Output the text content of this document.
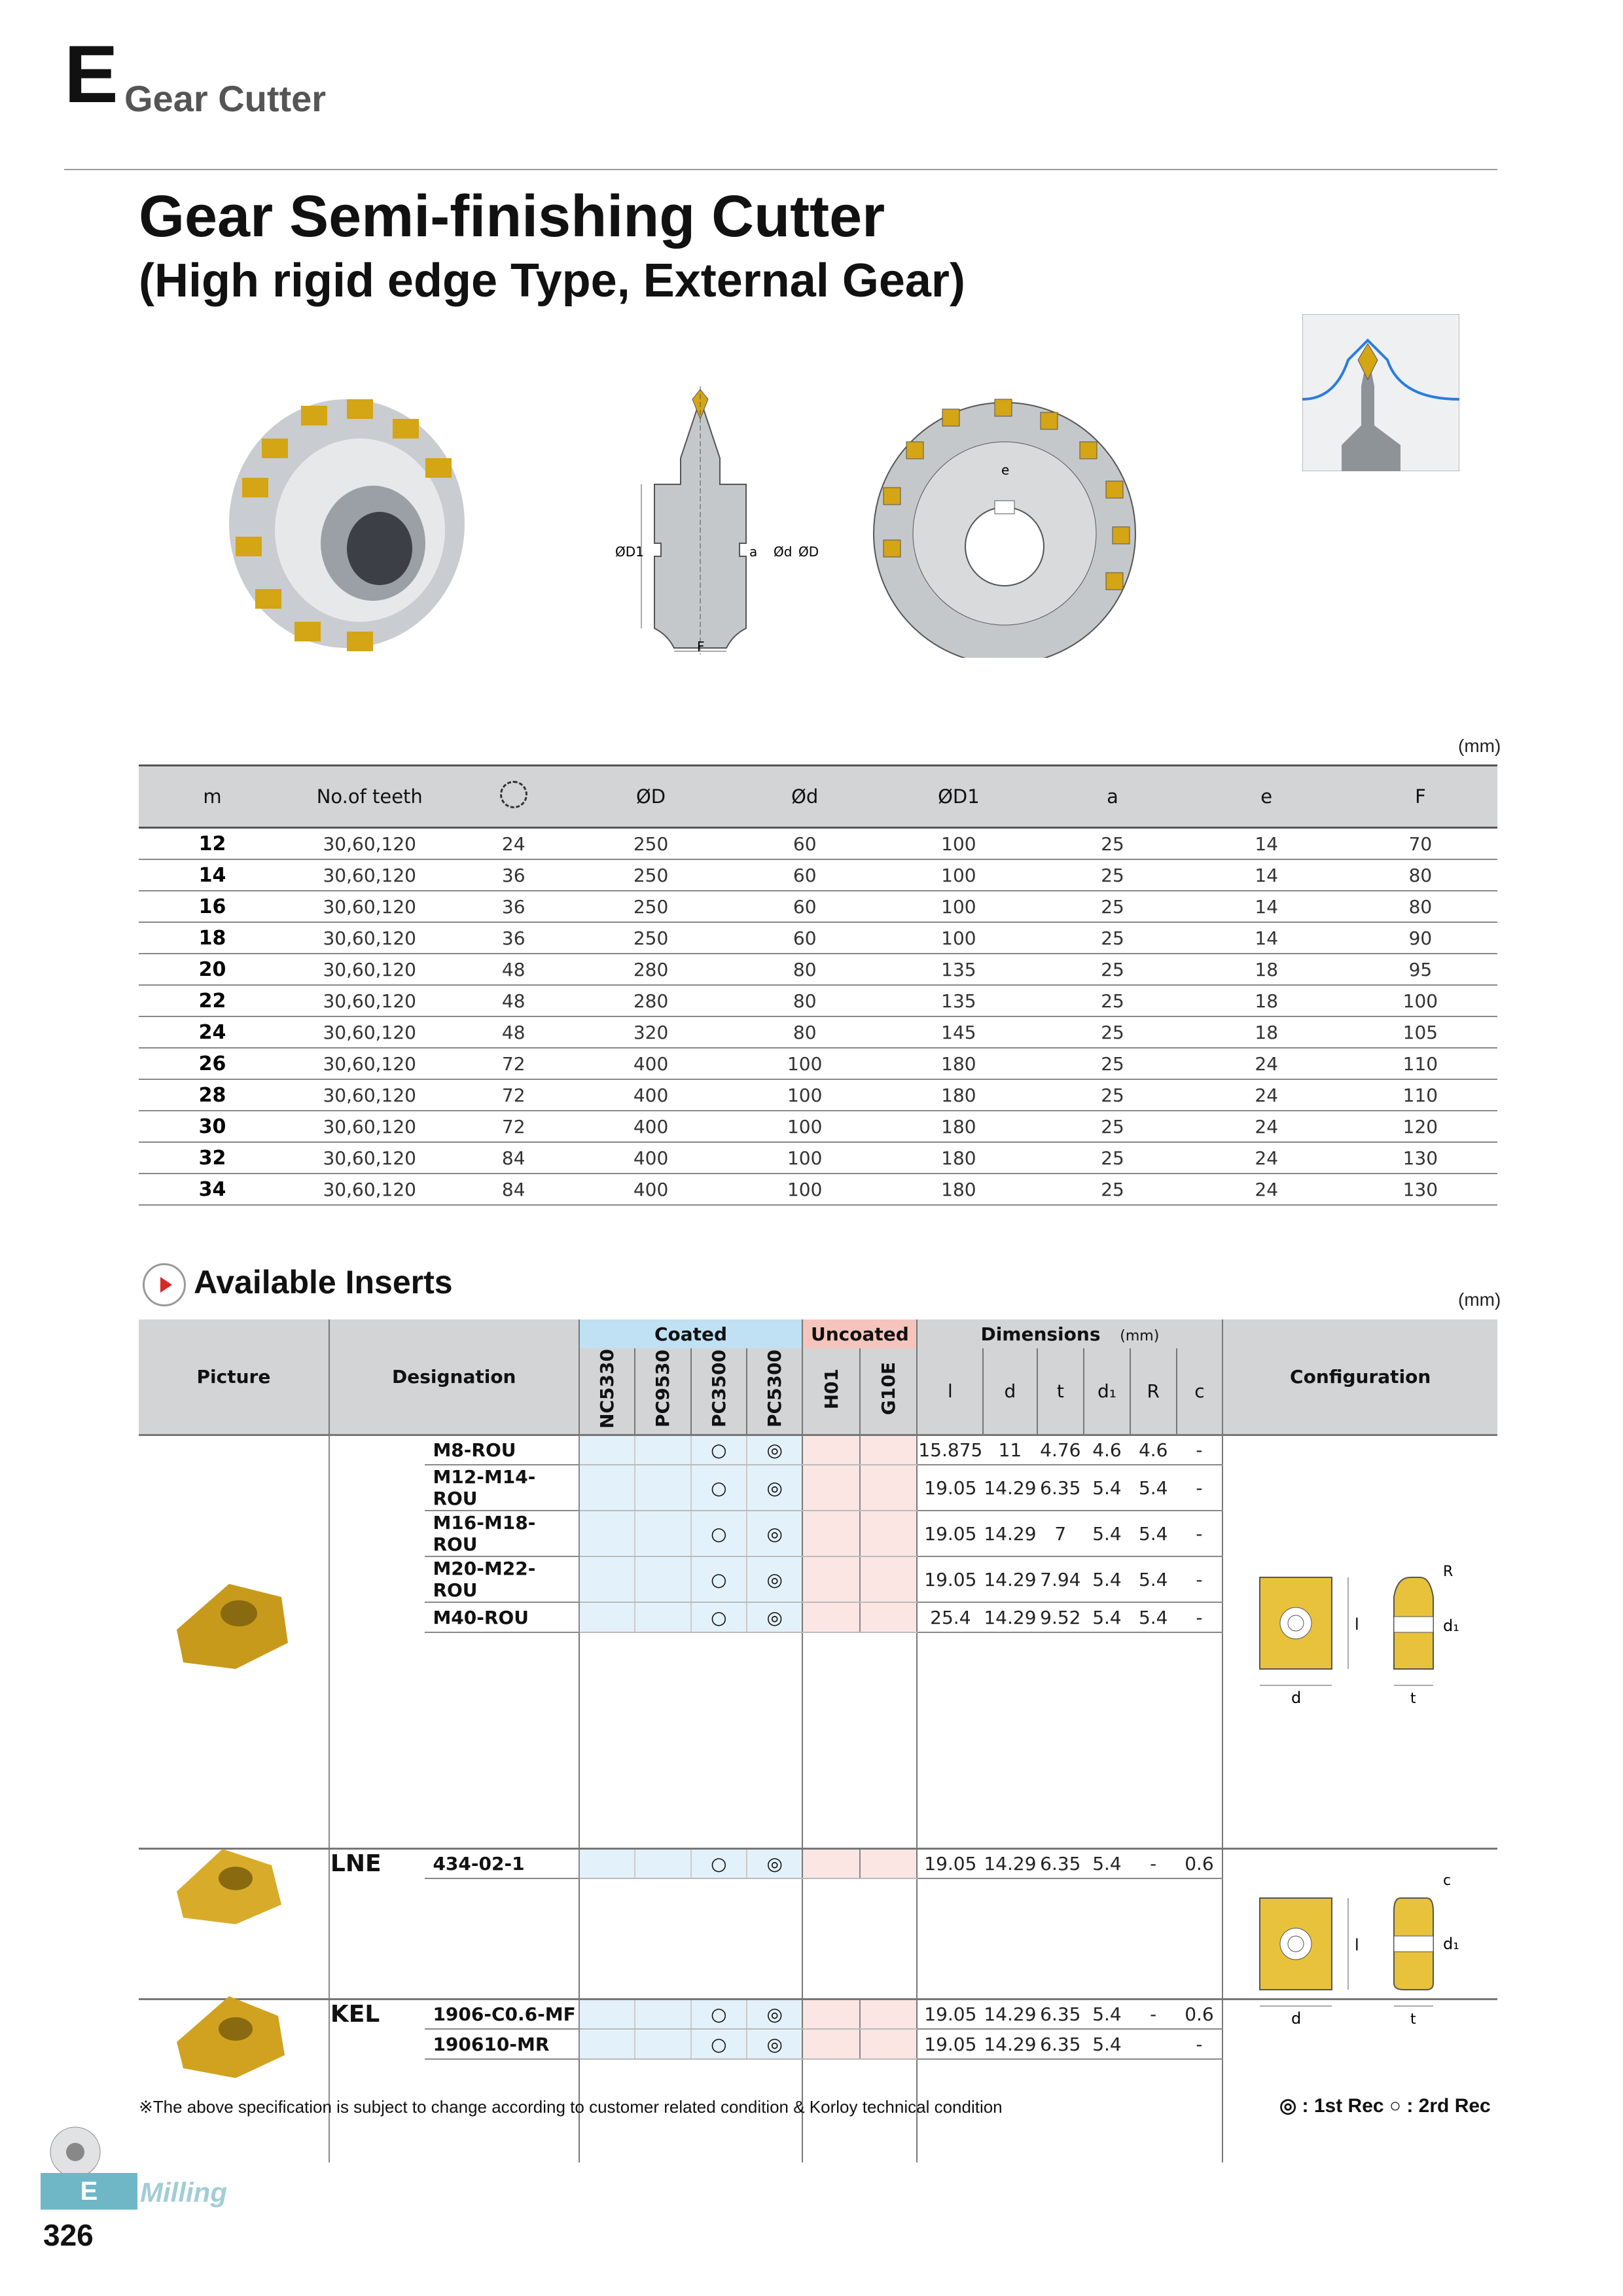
E Gear Cutter
Gear Semi-finishing Cutter
(High rigid edge Type, External Gear)
ØD1	a Ød ØD
F
e
(mm)
m	No.of teeth		ØD	Ød	ØD1	a	e	F
12	30,60,120	24	250	60	100	25	14	70
14	30,60,120	36	250	60	100	25	14	80
16	30,60,120	36	250	60	100	25	14	80
18	30,60,120	36	250	60	100	25	14	90
20	30,60,120	48	280	80	135	25	18	95
22	30,60,120	48	280	80	135	25	18	100
24	30,60,120	48	320	80	145	25	18	105
26	30,60,120	72	400	100	180	25	24	110
28	30,60,120	72	400	100	180	25	24	110
30	30,60,120	72	400	100	180	25	24	120
32	30,60,120	84	400	100	180	25	24	130
34	30,60,120	84	400	100	180	25	24	130
Available Inserts	(mm)
Picture	Designation		Coated				Uncoated		Dimensions (mm)						Configuration
			NC5330	PC9530	PC3500	PC5300	H01	G10E	l	d	t	d₁	R	c	
		M8-ROU			○	◎			15.875	11	4.76	4.6	4.6	-	
		M12-M14-ROU			○	◎			19.05	14.29	6.35	5.4	5.4	-	
		M16-M18-ROU			○	◎			19.05	14.29	7	5.4	5.4	-	
		M20-M22-ROU			○	◎			19.05	14.29	7.94	5.4	5.4	-	
		M40-ROU			○	◎			25.4	14.29	9.52	5.4	5.4	-	

	LNE	434-02-1			○	◎			19.05	14.29	6.35	5.4	-	0.6	

	KEL	1906-C0.6-MF			○	◎			19.05	14.29	6.35	5.4	-	0.6	
		190610-MR			○	◎			19.05	14.29	6.35	5.4		-	

l
d
d₁
R
t
l
d
d₁
c
t
※The above specification is subject to change according to customer related condition & Korloy technical condition	◎ : 1st Rec ○ : 2rd Rec
E	Milling
326
